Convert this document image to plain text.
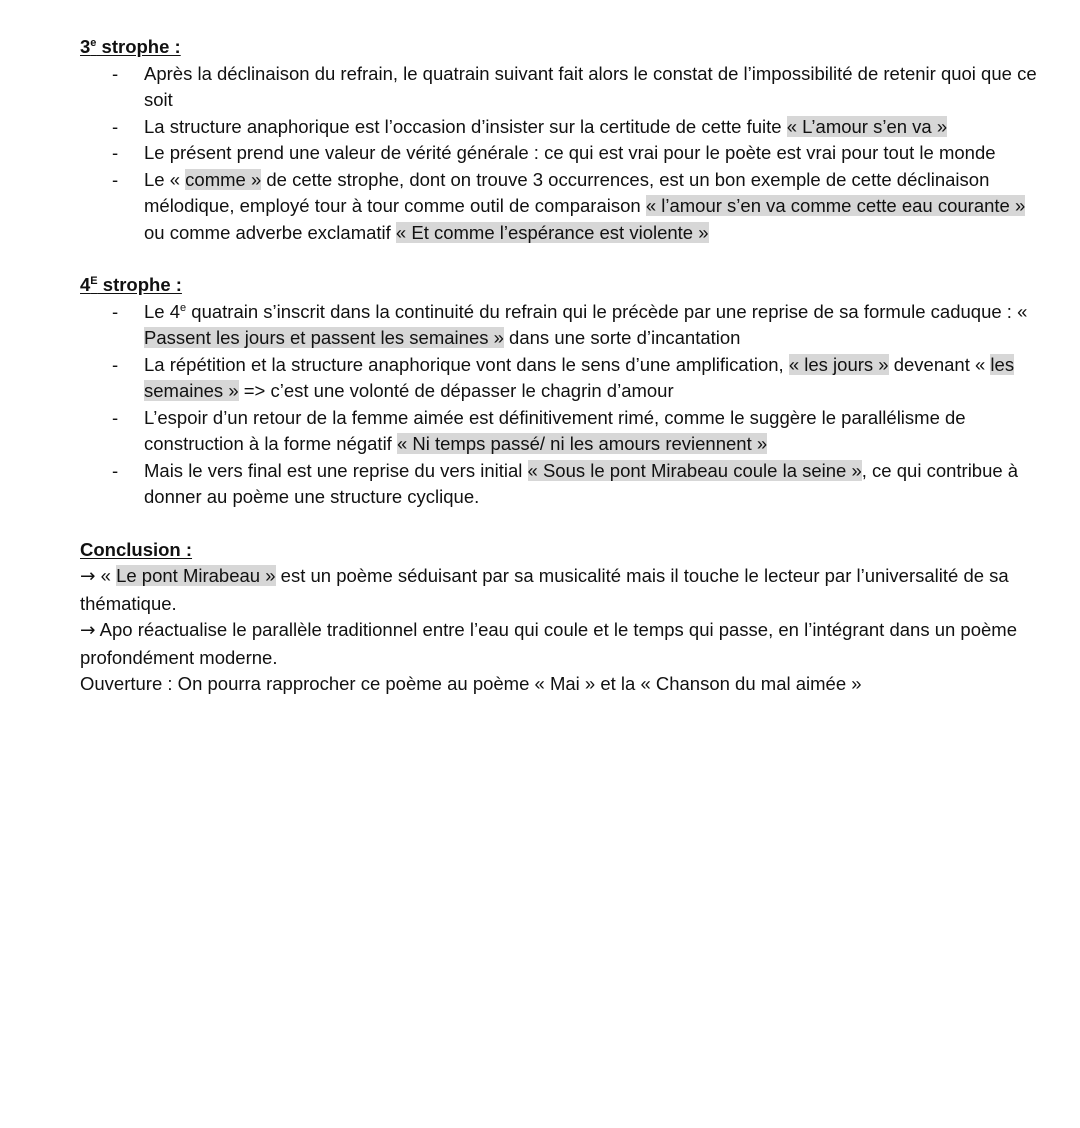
3e strophe :
- Après la déclinaison du refrain, le quatrain suivant fait alors le constat de l’impossibilité de retenir quoi que ce soit
- La structure anaphorique est l’occasion d’insister sur la certitude de cette fuite « L’amour s’en va »
- Le présent prend une valeur de vérité générale : ce qui est vrai pour le poète est vrai pour tout le monde
- Le « comme » de cette strophe, dont on trouve 3 occurrences, est un bon exemple de cette déclinaison mélodique, employé tour à tour comme outil de comparaison « l’amour s’en va comme cette eau courante » ou comme adverbe exclamatif « Et comme l’espérance est violente »
$4^E$ strophe :
- Le 4e quatrain s’inscrit dans la continuité du refrain qui le précède par une reprise de sa formule caduque : « Passent les jours et passent les semaines » dans une sorte d’incantation
- La répétition et la structure anaphorique vont dans le sens d’une amplification, « les jours » devenant « les semaines » => c’est une volonté de dépasser le chagrin d’amour
- L’espoir d’un retour de la femme aimée est définitivement rimé, comme le suggère le parallélisme de construction à la forme négatif « Ni temps passé/ ni les amours reviennent »
- Mais le vers final est une reprise du vers initial « Sous le pont Mirabeau coule la seine », ce qui contribue à donner au poème une structure cyclique.
Conclusion :
→ « Le pont Mirabeau » est un poème séduisant par sa musicalité mais il touche le lecteur par l’universalité de sa thématique.
→ Apo réactualise le parallèle traditionnel entre l’eau qui coule et le temps qui passe, en l’intégrant dans un poème profondément moderne.
Ouverture : On pourra rapprocher ce poème au poème « Mai » et la « Chanson du mal aimée »
